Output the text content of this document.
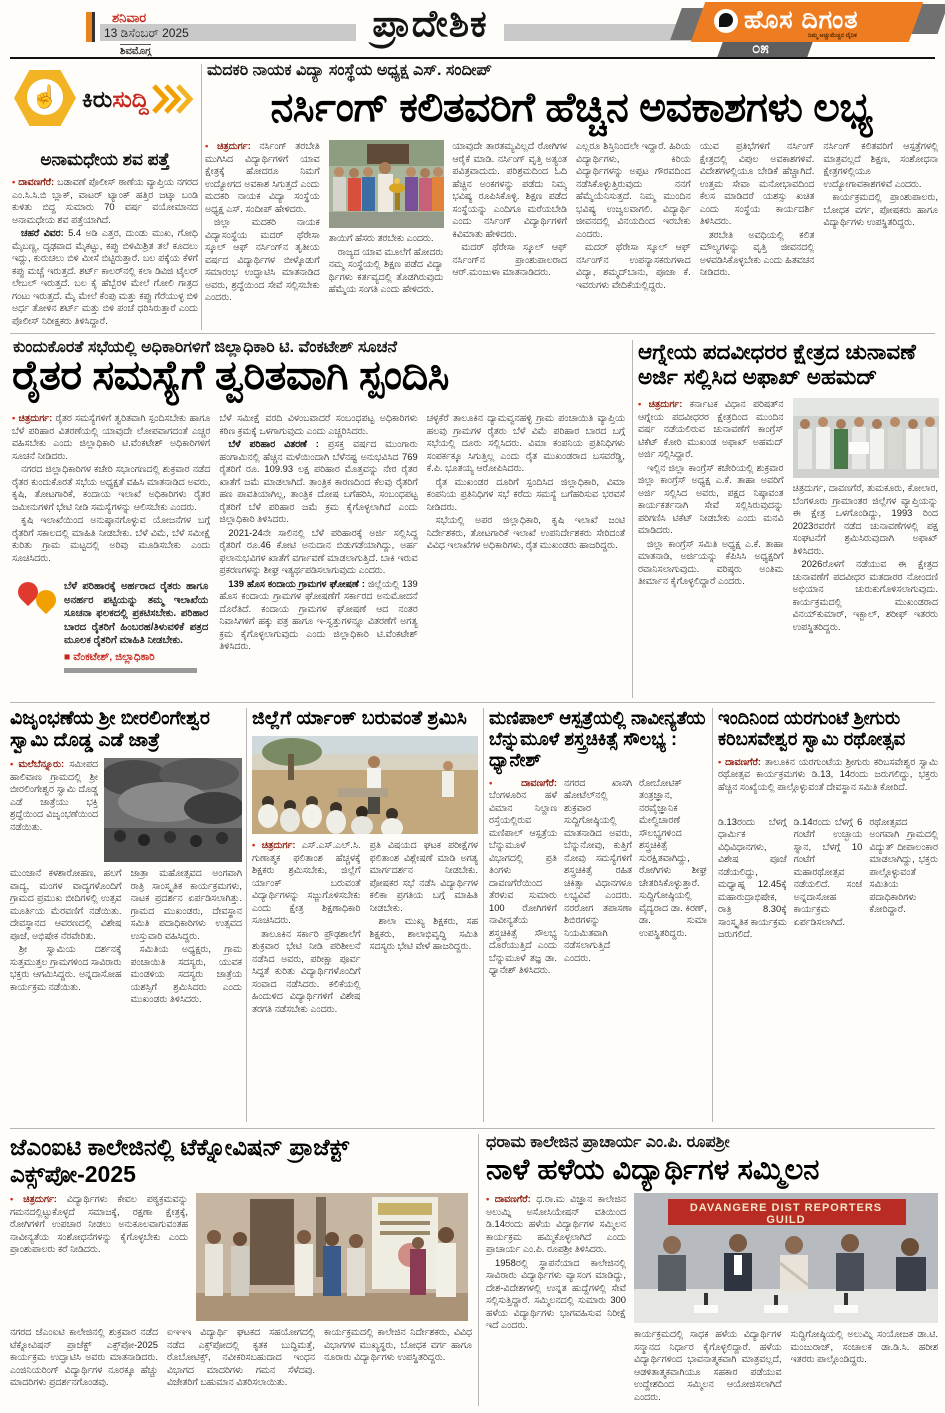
ಶನಿವಾರ
13 ಡಿಸೆಂಬರ್ 2025
ಶಿವಮೊಗ್ಗ
ಪ್ರಾದೇಶಿಕ	ಹೊಸ ದಿಗಂತ
ನಿಮ್ಮ ಅಚ್ಚುಮೆಚ್ಚಿನ ದೈನಿಕ
೦೫
☝ ಕಿರುಸುದ್ದಿ
ಅನಾಮಧೇಯ ಶವ ಪತ್ತೆ

• ದಾವಣಗೆರೆ: ಬಡಾವಣೆ ಪೊಲೀಸ್ ಠಾಣೆಯ ವ್ಯಾಪ್ತಿಯ ನಗರದ ಎಂ.ಸಿ.ಸಿ.ಬಿ ಬ್ಲಾಕ್, ವಾಟರ್ ಟ್ಯಾಂಕ್ ಹತ್ತಿರ ಜಟ್ಕಾ ಬಂಡಿ ಕುಳಿತು ಬಿದ್ದ ಸುಮಾರು 70 ವರ್ಷ ವಯೋಮಾನದ ಅನಾಮಧೇಯ ಶವ ಪತ್ತೆಯಾಗಿದೆ.

ಚಹರೆ ವಿವರ: 5.4 ಅಡಿ ಎತ್ತರ, ದುಂಡು ಮುಖ, ಗೋಧಿ ಮೈಬಣ್ಣ, ದೃಢವಾದ ಮೈಕಟ್ಟು, ಕಪ್ಪು ಬಿಳಿಮಿಶ್ರಿತ ತಲೆ ಕೂದಲು ಇದ್ದು, ಕುರುಚಲು ಬಿಳಿ ಮೀಸೆ ಬಿಟ್ಟಿರುತ್ತಾರೆ. ಬಲ ಪಕ್ಕೆಯ ಕೆಳಗೆ ಕಪ್ಪು ಮಚ್ಚೆ ಇರುತ್ತದೆ. ಶರ್ಟ್ ಕಾಲರ್‌ನಲ್ಲಿ ಕಲಾ ಡಿವಿಜಿ ಟೈಲರ್ ಲೇಬಲ್ ಇರುತ್ತದೆ. ಬಲ ಕೈ ಹೆಬ್ಬೆರಳ ಮೇಲೆ ಗೋಲಿ ಗಾತ್ರದ ಗಂಟು ಇರುತ್ತದೆ. ಮೈ ಮೇಲೆ ಕೆಂಪು ಮತ್ತು ಕಪ್ಪು ಗೆರೆಯುಳ್ಳ ಬಿಳಿ ಅರ್ಧ ತೋಳಿನ ಶರ್ಟ್ ಮತ್ತು ಬಿಳಿ ಪಂಚೆ ಧರಿಸಿರುತ್ತಾರೆ ಎಂದು ಪೊಲೀಸ್ ನಿರೀಕ್ಷಕರು ತಿಳಿಸಿದ್ದಾರೆ.

ಮದಕರಿ ನಾಯಕ ವಿದ್ಯಾ ಸಂಸ್ಥೆಯ ಅಧ್ಯಕ್ಷ ಎಸ್. ಸಂದೀಪ್
ನರ್ಸಿಂಗ್ ಕಲಿತವರಿಗೆ ಹೆಚ್ಚಿನ ಅವಕಾಶಗಳು ಲಭ್ಯ

• ಚಿತ್ರದುರ್ಗ: ನರ್ಸಿಂಗ್ ತರಬೇತಿ ಮುಗಿಸಿದ ವಿದ್ಯಾರ್ಥಿಗಳಿಗೆ ಯಾವ ಕ್ಷೇತ್ರಕ್ಕೆ ಹೋದರೂ ನಿಮಗೆ ಉದ್ಯೋಗದ ಅವಕಾಶ ಸಿಗುತ್ತದೆ ಎಂದು ಮದಕರಿ ನಾಯಕ ವಿದ್ಯಾ ಸಂಸ್ಥೆಯ ಅಧ್ಯಕ್ಷ ಎಸ್. ಸಂದೀಪ್ ಹೇಳಿದರು.

ಜಿಲ್ಲಾ ಮದಕರಿ ನಾಯಕ ವಿದ್ಯಾಸಂಸ್ಥೆಯ ಮದರ್ ಥೆರೇಸಾ ಸ್ಕೂಲ್ ಆಫ್ ನರ್ಸಿಂಗ್‌ನ ತೃತೀಯ ವರ್ಷದ ವಿದ್ಯಾರ್ಥಿಗಳ ಬೀಳ್ಕೊಡುಗೆ ಸಮಾರಂಭ ಉದ್ಘಾಟಿಸಿ ಮಾತನಾಡಿದ ಅವರು, ಶ್ರದ್ಧೆಯಿಂದ ಸೇವೆ ಸಲ್ಲಿಸಬೇಕು ಎಂದರು.

ತಾಯಿಗೆ ಹೆಸರು ತರಬೇಕು ಎಂದರು.

ರಾಜ್ಯದ ಯಾವ ಮೂಲೆಗೆ ಹೋದರು ನಮ್ಮ ಸಂಸ್ಥೆಯಲ್ಲಿ ಶಿಕ್ಷಣ ಪಡೆದ ವಿದ್ಯಾ ರ್ಥಿಗಳು ಕರ್ತವ್ಯದಲ್ಲಿ ತೊಡಗಿರುವುದು ಹೆಮ್ಮೆಯ ಸಂಗತಿ ಎಂದು ಹೇಳಿದರು.

ಯಾವುದೇ ತಾರತಮ್ಯವಿಲ್ಲದೆ ರೋಗಿಗಳ ಆರೈಕೆ ಮಾಡಿ. ನರ್ಸಿಂಗ್ ವೃತ್ತಿ ಅತ್ಯಂತ ಪವಿತ್ರವಾದುದು. ಪರಿಶ್ರಮದಿಂದ ಓದಿ ಹೆಚ್ಚಿನ ಅಂಕಗಳನ್ನು ಪಡೆದು ನಿಮ್ಮ ಭವಿಷ್ಯ ರೂಪಿಸಿಕೊಳ್ಳಿ. ಶಿಕ್ಷಣ ಪಡೆದ ಸಂಸ್ಥೆಯನ್ನು ಎಂದಿಗೂ ಮರೆಯಬೇಡಿ ಎಂದು ನರ್ಸಿಂಗ್ ವಿದ್ಯಾರ್ಥಿಗಳಿಗೆ ಕಿವಿಮಾತು ಹೇಳಿದರು.

ಮದರ್ ಥೆರೇಸಾ ಸ್ಕೂಲ್ ಆಫ್ ನರ್ಸಿಂಗ್‌ನ ಪ್ರಾಂಶುಪಾಲರಾದ ಆರ್.ಮಂಜುಳಾ ಮಾತನಾಡಿದರು.

ಎಲ್ಲರೂ ಶಿಸ್ತಿನಿಂದಲೇ ಇದ್ದಾರೆ. ಹಿರಿಯ ವಿದ್ಯಾರ್ಥಿಗಳು, ಕಿರಿಯ ವಿದ್ಯಾರ್ಥಿಗಳನ್ನು ಅಪ್ಪಟ ಗೌರವದಿಂದ ನಡೆಸಿಕೊಳ್ಳುತ್ತಿರುವುದು ನನಗೆ ಹೆಮ್ಮೆಯೆನಿಸುತ್ತದೆ. ನಿಮ್ಮ ಮುಂದಿನ ಭವಿಷ್ಯ ಉಜ್ವಲವಾಗಲಿ. ವಿದ್ಯಾರ್ಥಿ ಜೀವನದಲ್ಲಿ ವಿನಯದಿಂದ ಇರಬೇಕು ಎಂದರು.

ಮದರ್ ಥೆರೇಸಾ ಸ್ಕೂಲ್ ಆಫ್ ನರ್ಸಿಂಗ್‌ನ ಉಪನ್ಯಾಸಕರುಗಳಾದ ವಿದ್ಯಾ, ಶಮ್ಮದ್‌ಬಾನು, ಪೂಜಾ ಕೆ. ಇವರುಗಳು ವೇದಿಕೆಯಲ್ಲಿದ್ದರು.

ಯುವ ಪ್ರತಿಭೆಗಳಿಗೆ ನರ್ಸಿಂಗ್ ಕ್ಷೇತ್ರದಲ್ಲಿ ವಿಪುಲ ಅವಕಾಶಗಳಿವೆ. ವಿದೇಶಗಳಲ್ಲಿಯೂ ಬೇಡಿಕೆ ಹೆಚ್ಚಾಗಿದೆ. ಉತ್ತಮ ಸೇವಾ ಮನೋಭಾವದಿಂದ ಕೆಲಸ ಮಾಡಿದರೆ ಯಶಸ್ಸು ಖಚಿತ ಎಂದು ಸಂಸ್ಥೆಯ ಕಾರ್ಯದರ್ಶಿ ತಿಳಿಸಿದರು.

ತರಬೇತಿ ಅವಧಿಯಲ್ಲಿ ಕಲಿತ ಮೌಲ್ಯಗಳನ್ನು ವೃತ್ತಿ ಜೀವನದಲ್ಲಿ ಅಳವಡಿಸಿಕೊಳ್ಳಬೇಕು ಎಂದು ಹಿತವಚನ ನೀಡಿದರು.

ನರ್ಸಿಂಗ್ ಕಲಿತವರಿಗೆ ಆಸ್ಪತ್ರೆಗಳಲ್ಲಿ ಮಾತ್ರವಲ್ಲದೆ ಶಿಕ್ಷಣ, ಸಂಶೋಧನಾ ಕ್ಷೇತ್ರಗಳಲ್ಲಿಯೂ ಉದ್ಯೋಗಾವಕಾಶಗಳಿವೆ ಎಂದರು.

ಕಾರ್ಯಕ್ರಮದಲ್ಲಿ ಪ್ರಾಂಶುಪಾಲರು, ಬೋಧಕ ವರ್ಗ, ಪೋಷಕರು ಹಾಗೂ ವಿದ್ಯಾರ್ಥಿಗಳು ಉಪಸ್ಥಿತರಿದ್ದರು.

ಕುಂದುಕೊರತೆ ಸಭೆಯಲ್ಲಿ ಅಧಿಕಾರಿಗಳಿಗೆ ಜಿಲ್ಲಾಧಿಕಾರಿ ಟಿ. ವೆಂಕಟೇಶ್ ಸೂಚನೆ
ರೈತರ ಸಮಸ್ಯೆಗೆ ತ್ವರಿತವಾಗಿ ಸ್ಪಂದಿಸಿ

• ಚಿತ್ರದುರ್ಗ: ರೈತರ ಸಮಸ್ಯೆಗಳಿಗೆ ತ್ವರಿತವಾಗಿ ಸ್ಪಂದಿಸಬೇಕು ಹಾಗೂ ಬೆಳೆ ಪರಿಹಾರ ವಿತರಣೆಯಲ್ಲಿ ಯಾವುದೇ ಲೋಪವಾಗದಂತೆ ಎಚ್ಚರ ವಹಿಸಬೇಕು ಎಂದು ಜಿಲ್ಲಾಧಿಕಾರಿ ಟಿ.ವೆಂಕಟೇಶ್ ಅಧಿಕಾರಿಗಳಿಗೆ ಸೂಚನೆ ನೀಡಿದರು.

ನಗರದ ಜಿಲ್ಲಾಧಿಕಾರಿಗಳ ಕಚೇರಿ ಸಭಾಂಗಣದಲ್ಲಿ ಶುಕ್ರವಾರ ನಡೆದ ರೈತರ ಕುಂದುಕೊರತೆ ಸಭೆಯ ಅಧ್ಯಕ್ಷತೆ ವಹಿಸಿ ಮಾತನಾಡಿದ ಅವರು, ಕೃಷಿ, ತೋಟಗಾರಿಕೆ, ಕಂದಾಯ ಇಲಾಖೆ ಅಧಿಕಾರಿಗಳು ರೈತರ ಜಮೀನುಗಳಿಗೆ ಭೇಟಿ ನೀಡಿ ಸಮಸ್ಯೆಗಳನ್ನು ಆಲಿಸಬೇಕು ಎಂದರು.

ಕೃಷಿ ಇಲಾಖೆಯಿಂದ ಅನುಷ್ಠಾನಗೊಳ್ಳುವ ಯೋಜನೆಗಳ ಬಗ್ಗೆ ರೈತರಿಗೆ ಸಕಾಲದಲ್ಲಿ ಮಾಹಿತಿ ನೀಡಬೇಕು. ಬೆಳೆ ವಿಮೆ, ಬೆಳೆ ಸಮೀಕ್ಷೆ ಕುರಿತು ಗ್ರಾಮ ಮಟ್ಟದಲ್ಲಿ ಅರಿವು ಮೂಡಿಸಬೇಕು ಎಂದು ಸೂಚಿಸಿದರು.

ಬೆಳೆ ಪರಿಹಾರಕ್ಕೆ ಅರ್ಹರಾದ ರೈತರು ಹಾಗೂ ಅನರ್ಹರ ಪಟ್ಟಿಯನ್ನು ತಮ್ಮ ಇಲಾಖೆಯ ಸೂಚನಾ ಫಲಕದಲ್ಲಿ ಪ್ರಕಟಿಸಬೇಕು. ಪರಿಹಾರ ಬಾರದ ರೈತರಿಗೆ ಹಿಂಬರಹ/ತಿಳುವಳಿಕೆ ಪತ್ರದ ಮೂಲಕ ರೈತರಿಗೆ ಮಾಹಿತಿ ನೀಡಬೇಕು.
■ ವೆಂಕಟೇಶ್, ಜಿಲ್ಲಾಧಿಕಾರಿ

ಬೆಳೆ ಸಮೀಕ್ಷೆ ವರದಿ ವಿಳಂಬವಾದರೆ ಸಂಬಂಧಪಟ್ಟ ಅಧಿಕಾರಿಗಳು ಕಠಿಣ ಕ್ರಮಕ್ಕೆ ಒಳಗಾಗುವುದು ಎಂದು ಎಚ್ಚರಿಸಿದರು.

ಬೆಳೆ ಪರಿಹಾರ ವಿತರಣೆ : ಪ್ರಸಕ್ತ ವರ್ಷದ ಮುಂಗಾರು ಹಂಗಾಮಿನಲ್ಲಿ ಹೆಚ್ಚಿನ ಮಳೆಯಿಂದಾಗಿ ಬೆಳೆನಷ್ಟ ಅನುಭವಿಸಿದ 769 ರೈತರಿಗೆ ರೂ. 109.93 ಲಕ್ಷ ಪರಿಹಾರ ಮೊತ್ತವನ್ನು ನೇರ ರೈತರ ಖಾತೆಗೆ ಜಮೆ ಮಾಡಲಾಗಿದೆ. ತಾಂತ್ರಿಕ ಕಾರಣದಿಂದ ಕೆಲವು ರೈತರಿಗೆ ಹಣ ಪಾವತಿಯಾಗಿಲ್ಲ, ತಾಂತ್ರಿಕ ದೋಷ ಬಗೆಹರಿಸಿ, ಸಂಬಂಧಪಟ್ಟ ರೈತರಿಗೆ ಬೆಳೆ ಪರಿಹಾರ ಜಮೆ ಕ್ರಮ ಕೈಗೊಳ್ಳಲಾಗಿದೆ ಎಂದು ಜಿಲ್ಲಾಧಿಕಾರಿ ತಿಳಿಸಿದರು.

2021-24ನೇ ಸಾಲಿನಲ್ಲಿ ಬೆಳೆ ಪರಿಹಾರಕ್ಕೆ ಅರ್ಜಿ ಸಲ್ಲಿಸಿದ್ದ ರೈತರಿಗೆ ರೂ.46 ಕೋಟಿ ಅನುದಾನ ಬಿಡುಗಡೆಯಾಗಿದ್ದು, ಅರ್ಹ ಫಲಾನುಭವಿಗಳ ಖಾತೆಗೆ ವರ್ಗಾವಣೆ ಮಾಡಲಾಗುತ್ತಿದೆ. ಬಾಕಿ ಇರುವ ಪ್ರಕರಣಗಳನ್ನು ಶೀಘ್ರ ಇತ್ಯರ್ಥಪಡಿಸಲಾಗುವುದು ಎಂದರು.

139 ಹೊಸ ಕಂದಾಯ ಗ್ರಾಮಗಳ ಘೋಷಣೆ : ಜಿಲ್ಲೆಯಲ್ಲಿ 139 ಹೊಸ ಕಂದಾಯ ಗ್ರಾಮಗಳ ಘೋಷಣೆಗೆ ಸರ್ಕಾರದ ಅನುಮೋದನೆ ದೊರೆತಿದೆ. ಕಂದಾಯ ಗ್ರಾಮಗಳ ಘೋಷಣೆ ಆದ ನಂತರ ನಿವಾಸಿಗಳಿಗೆ ಹಕ್ಕು ಪತ್ರ ಹಾಗೂ ಇ-ಸ್ವತ್ತುಗಳನ್ನೂ ವಿತರಣೆಗೆ ಅಗತ್ಯ ಕ್ರಮ ಕೈಗೊಳ್ಳಲಾಗುವುದು ಎಂದು ಜಿಲ್ಲಾಧಿಕಾರಿ ಟಿ.ವೆಂಕಟೇಶ್ ತಿಳಿಸಿದರು.

ಚಳ್ಳಕೆರೆ ತಾಲೂಕಿನ ದ್ಯಾಮವ್ವನಹಳ್ಳಿ ಗ್ರಾಮ ಪಂಚಾಯಿತಿ ವ್ಯಾಪ್ತಿಯ ಹಲವು ಗ್ರಾಮಗಳ ರೈತರು ಬೆಳೆ ವಿಮೆ ಪರಿಹಾರ ಬಾರದ ಬಗ್ಗೆ ಸಭೆಯಲ್ಲಿ ದೂರು ಸಲ್ಲಿಸಿದರು. ವಿಮಾ ಕಂಪನಿಯ ಪ್ರತಿನಿಧಿಗಳು ಸಂಪರ್ಕಕ್ಕೂ ಸಿಗುತ್ತಿಲ್ಲ ಎಂದು ರೈತ ಮುಖಂಡರಾದ ಬಸವರೆಡ್ಡಿ, ಕೆ.ಪಿ. ಭೂತಯ್ಯ ಆರೋಪಿಸಿದರು.

ರೈತ ಮುಖಂಡರ ದೂರಿಗೆ ಸ್ಪಂದಿಸಿದ ಜಿಲ್ಲಾಧಿಕಾರಿ, ವಿಮಾ ಕಂಪನಿಯ ಪ್ರತಿನಿಧಿಗಳ ಸಭೆ ಕರೆದು ಸಮಸ್ಯೆ ಬಗೆಹರಿಸುವ ಭರವಸೆ ನೀಡಿದರು.

ಸಭೆಯಲ್ಲಿ ಅಪರ ಜಿಲ್ಲಾಧಿಕಾರಿ, ಕೃಷಿ ಇಲಾಖೆ ಜಂಟಿ ನಿರ್ದೇಶಕರು, ತೋಟಗಾರಿಕೆ ಇಲಾಖೆ ಉಪನಿರ್ದೇಶಕರು ಸೇರಿದಂತೆ ವಿವಿಧ ಇಲಾಖೆಗಳ ಅಧಿಕಾರಿಗಳು, ರೈತ ಮುಖಂಡರು ಹಾಜರಿದ್ದರು.

ಆಗ್ನೇಯ ಪದವೀಧರರ ಕ್ಷೇತ್ರದ ಚುನಾವಣೆ
ಅರ್ಜಿ ಸಲ್ಲಿಸಿದ ಅಫಾಖ್ ಅಹಮದ್

• ಚಿತ್ರದುರ್ಗ: ಕರ್ನಾಟಕ ವಿಧಾನ ಪರಿಷತ್‌ನ ಆಗ್ನೇಯ ಪದವೀಧರರ ಕ್ಷೇತ್ರದಿಂದ ಮುಂದಿನ ವರ್ಷ ನಡೆಯಲಿರುವ ಚುನಾವಣೆಗೆ ಕಾಂಗ್ರೆಸ್ ಟಿಕೆಟ್ ಕೋರಿ ಮುಖಂಡ ಅಫಾಖ್ ಅಹಮದ್ ಅರ್ಜಿ ಸಲ್ಲಿಸಿದ್ದಾರೆ.

ಇಲ್ಲಿನ ಜಿಲ್ಲಾ ಕಾಂಗ್ರೆಸ್ ಕಚೇರಿಯಲ್ಲಿ ಶುಕ್ರವಾರ ಜಿಲ್ಲಾ ಕಾಂಗ್ರೆಸ್ ಅಧ್ಯಕ್ಷ ಎ.ಕೆ. ತಾಹಾ ಅವರಿಗೆ ಅರ್ಜಿ ಸಲ್ಲಿಸಿದ ಅವರು, ಪಕ್ಷದ ನಿಷ್ಠಾವಂತ ಕಾರ್ಯಕರ್ತನಾಗಿ ಸೇವೆ ಸಲ್ಲಿಸಿರುವುದನ್ನು ಪರಿಗಣಿಸಿ ಟಿಕೆಟ್ ನೀಡಬೇಕು ಎಂದು ಮನವಿ ಮಾಡಿದರು.

ಜಿಲ್ಲಾ ಕಾಂಗ್ರೆಸ್ ಸಮಿತಿ ಅಧ್ಯಕ್ಷ ಎ.ಕೆ. ತಾಹಾ ಮಾತನಾಡಿ, ಅರ್ಜಿಯನ್ನು ಕೆಪಿಸಿಸಿ ಅಧ್ಯಕ್ಷರಿಗೆ ರವಾನಿಸಲಾಗುವುದು. ವರಿಷ್ಠರು ಅಂತಿಮ ತೀರ್ಮಾನ ಕೈಗೊಳ್ಳಲಿದ್ದಾರೆ ಎಂದರು.

ಚಿತ್ರದುರ್ಗ, ದಾವಣಗೆರೆ, ತುಮಕೂರು, ಕೋಲಾರ, ಬೆಂಗಳೂರು ಗ್ರಾಮಾಂತರ ಜಿಲ್ಲೆಗಳ ವ್ಯಾಪ್ತಿಯನ್ನು ಈ ಕ್ಷೇತ್ರ ಒಳಗೊಂಡಿದ್ದು, 1993 ರಿಂದ 2023ರವರೆಗೆ ನಡೆದ ಚುನಾವಣೆಗಳಲ್ಲಿ ಪಕ್ಷ ಸಂಘಟನೆಗೆ ಶ್ರಮಿಸಿರುವುದಾಗಿ ಅಫಾಖ್ ತಿಳಿಸಿದರು.

2026ರೊಳಗೆ ನಡೆಯುವ ಈ ಕ್ಷೇತ್ರದ ಚುನಾವಣೆಗೆ ಪದವೀಧರ ಮತದಾರರ ನೋಂದಣಿ ಅಭಿಯಾನ ಚುರುಕುಗೊಳಿಸಲಾಗುವುದು. ಕಾರ್ಯಕ್ರಮದಲ್ಲಿ ಮುಖಂಡರಾದ ವಿನಯ್‌ಕುಮಾರ್, ಇಕ್ಬಾಲ್, ಶರೀಫ್ ಇತರರು ಉಪಸ್ಥಿತರಿದ್ದರು.

ವಿಜೃಂಭಣೆಯ ಶ್ರೀ ಬೀರಲಿಂಗೇಶ್ವರ ಸ್ವಾಮಿ ದೊಡ್ಡ ಎಡೆ ಜಾತ್ರೆ

• ಮಲೆಬೆನ್ನೂರು: ಸಮೀಪದ ಹಾಲಿವಾಣ ಗ್ರಾಮದಲ್ಲಿ ಶ್ರೀ ಬೀರಲಿಂಗೇಶ್ವರ ಸ್ವಾಮಿ ದೊಡ್ಡ ಎಡೆ ಜಾತ್ರೆಯು ಭಕ್ತಿ ಶ್ರದ್ಧೆಯಿಂದ ವಿಜೃಂಭಣೆಯಿಂದ ನಡೆಯಿತು.

ಮುಂಜಾನೆ ಕಳಶಾರೋಹಣ, ಹಲಗೆ ವಾದ್ಯ, ಮಂಗಳ ವಾದ್ಯಗಳೊಂದಿಗೆ ಗ್ರಾಮದ ಪ್ರಮುಖ ಬೀದಿಗಳಲ್ಲಿ ಉತ್ಸವ ಮೂರ್ತಿಯ ಮೆರವಣಿಗೆ ನಡೆಯಿತು. ದೇವಸ್ಥಾನದ ಆವರಣದಲ್ಲಿ ವಿಶೇಷ ಪೂಜೆ, ಅಭಿಷೇಕ ನೆರವೇರಿತು.

ಶ್ರೀ ಸ್ವಾಮಿಯ ದರ್ಶನಕ್ಕೆ ಸುತ್ತಮುತ್ತಲ ಗ್ರಾಮಗಳಿಂದ ಸಾವಿರಾರು ಭಕ್ತರು ಆಗಮಿಸಿದ್ದರು. ಅನ್ನದಾಸೋಹ ಕಾರ್ಯಕ್ರಮ ನಡೆಯಿತು.

ಜಾತ್ರಾ ಮಹೋತ್ಸವದ ಅಂಗವಾಗಿ ರಾತ್ರಿ ಸಾಂಸ್ಕೃತಿಕ ಕಾರ್ಯಕ್ರಮಗಳು, ನಾಟಕ ಪ್ರದರ್ಶನ ಏರ್ಪಡಿಸಲಾಗಿತ್ತು. ಗ್ರಾಮದ ಮುಖಂಡರು, ದೇವಸ್ಥಾನ ಸಮಿತಿ ಪದಾಧಿಕಾರಿಗಳು ಉತ್ಸವದ ಉಸ್ತುವಾರಿ ವಹಿಸಿದ್ದರು.

ಸಮಿತಿಯ ಅಧ್ಯಕ್ಷರು, ಗ್ರಾಮ ಪಂಚಾಯಿತಿ ಸದಸ್ಯರು, ಯುವಕ ಮಂಡಳಿಯ ಸದಸ್ಯರು ಜಾತ್ರೆಯ ಯಶಸ್ಸಿಗೆ ಶ್ರಮಿಸಿದರು ಎಂದು ಮುಖಂಡರು ತಿಳಿಸಿದರು.

ಜಿಲ್ಲೆಗೆ ರ್ಯಾಂಕ್ ಬರುವಂತೆ ಶ್ರಮಿಸಿ

• ಚಿತ್ರದುರ್ಗ: ಎಸ್.ಎಸ್.ಎಲ್.ಸಿ. ಗುಣಾತ್ಮಕ ಫಲಿತಾಂಶ ಹೆಚ್ಚಳಕ್ಕೆ ಶಿಕ್ಷಕರು ಶ್ರಮಿಸಬೇಕು, ಜಿಲ್ಲೆಗೆ ರ್ಯಾಂಕ್ ಬರುವಂತೆ ವಿದ್ಯಾರ್ಥಿಗಳನ್ನು ಸಜ್ಜುಗೊಳಿಸಬೇಕು ಎಂದು ಕ್ಷೇತ್ರ ಶಿಕ್ಷಣಾಧಿಕಾರಿ ಸೂಚಿಸಿದರು.

ತಾಲೂಕಿನ ಸರ್ಕಾರಿ ಪ್ರೌಢಶಾಲೆಗೆ ಶುಕ್ರವಾರ ಭೇಟಿ ನೀಡಿ ಪರಿಶೀಲನೆ ನಡೆಸಿದ ಅವರು, ಪರೀಕ್ಷಾ ಪೂರ್ವ ಸಿದ್ಧತೆ ಕುರಿತು ವಿದ್ಯಾರ್ಥಿಗಳೊಂದಿಗೆ ಸಂವಾದ ನಡೆಸಿದರು. ಕಲಿಕೆಯಲ್ಲಿ ಹಿಂದುಳಿದ ವಿದ್ಯಾರ್ಥಿಗಳಿಗೆ ವಿಶೇಷ ತರಗತಿ ನಡೆಸಬೇಕು ಎಂದರು.

ಪ್ರತಿ ವಿಷಯದ ಘಟಕ ಪರೀಕ್ಷೆಗಳ ಫಲಿತಾಂಶ ವಿಶ್ಲೇಷಣೆ ಮಾಡಿ ಅಗತ್ಯ ಮಾರ್ಗದರ್ಶನ ನೀಡಬೇಕು. ಪೋಷಕರ ಸಭೆ ನಡೆಸಿ ವಿದ್ಯಾರ್ಥಿಗಳ ಕಲಿಕಾ ಪ್ರಗತಿಯ ಬಗ್ಗೆ ಮಾಹಿತಿ ನೀಡಬೇಕು.

ಶಾಲಾ ಮುಖ್ಯ ಶಿಕ್ಷಕರು, ಸಹ ಶಿಕ್ಷಕರು, ಶಾಲಾಭಿವೃದ್ಧಿ ಸಮಿತಿ ಸದಸ್ಯರು ಭೇಟಿ ವೇಳೆ ಹಾಜರಿದ್ದರು.

ಮಣಿಪಾಲ್ ಆಸ್ಪತ್ರೆಯಲ್ಲಿ ನಾವೀನ್ಯತೆಯ
ಬೆನ್ನುಮೂಳೆ ಶಸ್ತ್ರಚಿಕಿತ್ಸೆ ಸೌಲಭ್ಯ : ಧ್ಯಾನೇಶ್

• ದಾವಣಗೆರೆ: ಬೆಂಗಳೂರಿನ ಹಳೆ ವಿಮಾನ ನಿಲ್ದಾಣ ರಸ್ತೆಯಲ್ಲಿರುವ ಮಣಿಪಾಲ್ ಆಸ್ಪತ್ರೆಯ ಬೆನ್ನುಮೂಳೆ ವಿಭಾಗದಲ್ಲಿ ಪ್ರತಿ ತಿಂಗಳು ದಾವಣಗೆರೆಯಿಂದ ತೆರಳುವ ಸುಮಾರು 100 ರೋಗಿಗಳಿಗೆ ನಾವೀನ್ಯತೆಯ ಶಸ್ತ್ರಚಿಕಿತ್ಸೆ ಸೌಲಭ್ಯ ದೊರೆಯುತ್ತಿದೆ ಎಂದು ಬೆನ್ನುಮೂಳೆ ತಜ್ಞ ಡಾ. ಧ್ಯಾನೇಶ್ ತಿಳಿಸಿದರು.

ನಗರದ ಖಾಸಗಿ ಹೋಟೆಲ್‌ನಲ್ಲಿ ಶುಕ್ರವಾರ ಸುದ್ದಿಗೋಷ್ಠಿಯಲ್ಲಿ ಮಾತನಾಡಿದ ಅವರು, ಬೆನ್ನುನೋವು, ಕುತ್ತಿಗೆ ನೋವು ಸಮಸ್ಯೆಗಳಿಗೆ ಶಸ್ತ್ರಚಿಕಿತ್ಸೆ ರಹಿತ ಚಿಕಿತ್ಸಾ ವಿಧಾನಗಳೂ ಲಭ್ಯವಿವೆ ಎಂದರು. ನರರೋಗ ತಪಾಸಣಾ ಶಿಬಿರಗಳನ್ನು ನಿಯಮಿತವಾಗಿ ನಡೆಸಲಾಗುತ್ತಿದೆ ಎಂದರು.

ರೋಬೋಟಿಕ್ ತಂತ್ರಜ್ಞಾನ, ನರವೈಜ್ಞಾನಿಕ ಮೇಲ್ವಿಚಾರಣೆ ಸೌಲಭ್ಯಗಳಿಂದ ಶಸ್ತ್ರಚಿಕಿತ್ಸೆ ಸುರಕ್ಷಿತವಾಗಿದ್ದು, ರೋಗಿಗಳು ಶೀಘ್ರ ಚೇತರಿಸಿಕೊಳ್ಳುತ್ತಾರೆ. ಸುದ್ದಿಗೋಷ್ಠಿಯಲ್ಲಿ ವೈದ್ಯರಾದ ಡಾ. ಕಿರಣ್, ಡಾ. ಸುಮಾ ಉಪಸ್ಥಿತರಿದ್ದರು.

ಇಂದಿನಿಂದ ಯರಗುಂಟೆ ಶ್ರೀಗುರು
ಕರಿಬಸವೇಶ್ವರ ಸ್ವಾಮಿ ರಥೋತ್ಸವ

• ದಾವಣಗೆರೆ: ತಾಲೂಕಿನ ಯರಗುಂಟೆಯ ಶ್ರೀಗುರು ಕರಿಬಸವೇಶ್ವರ ಸ್ವಾಮಿ ರಥೋತ್ಸವ ಕಾರ್ಯಕ್ರಮಗಳು ಡಿ.13, 14ರಂದು ಜರುಗಲಿದ್ದು, ಭಕ್ತರು ಹೆಚ್ಚಿನ ಸಂಖ್ಯೆಯಲ್ಲಿ ಪಾಲ್ಗೊಳ್ಳುವಂತೆ ದೇವಸ್ಥಾನ ಸಮಿತಿ ಕೋರಿದೆ.

ಡಿ.13ರಂದು ಬೆಳಗ್ಗೆ ಧಾರ್ಮಿಕ ವಿಧಿವಿಧಾನಗಳು, ವಿಶೇಷ ಪೂಜೆ ನಡೆಯಲಿದ್ದು, ಮಧ್ಯಾಹ್ನ 12.45ಕ್ಕೆ ಮಹಾರುದ್ರಾಭಿಷೇಕ, ರಾತ್ರಿ 8.30ಕ್ಕೆ ಸಾಂಸ್ಕೃತಿಕ ಕಾರ್ಯಕ್ರಮ ಜರುಗಲಿದೆ.

ಡಿ.14ರಂದು ಬೆಳಗ್ಗೆ 6 ಗಂಟೆಗೆ ಉಚ್ಛಾಯ ಸ್ನಾನ, ಬೆಳಗ್ಗೆ 10 ಗಂಟೆಗೆ ಮಹಾರಥೋತ್ಸವ ನಡೆಯಲಿದೆ. ಸಂಜೆ ಅನ್ನದಾಸೋಹ ಕಾರ್ಯಕ್ರಮ ಏರ್ಪಡಿಸಲಾಗಿದೆ.

ರಥೋತ್ಸವದ ಅಂಗವಾಗಿ ಗ್ರಾಮದಲ್ಲಿ ವಿದ್ಯುತ್ ದೀಪಾಲಂಕಾರ ಮಾಡಲಾಗಿದ್ದು, ಭಕ್ತರು ಪಾಲ್ಗೊಳ್ಳುವಂತೆ ಸಮಿತಿಯ ಪದಾಧಿಕಾರಿಗಳು ಕೋರಿದ್ದಾರೆ.

ಜೆಎಂಐಟಿ ಕಾಲೇಜಿನಲ್ಲಿ ಟೆಕ್ನೋವಿಷನ್ ಪ್ರಾಜೆಕ್ಟ್ ಎಕ್ಸ್‌ಪೋ-2025

• ಚಿತ್ರದುರ್ಗ: ವಿದ್ಯಾರ್ಥಿಗಳು ಕೇವಲ ಪಠ್ಯಕ್ರಮವನ್ನು ಗಮನದಲ್ಲಿಟ್ಟುಕೊಳ್ಳದೆ ಸಮಾಜಕ್ಕೆ, ರಕ್ಷಣಾ ಕ್ಷೇತ್ರಕ್ಕೆ, ರೋಗಿಗಳಿಗೆ ಉಪಚಾರ ನೀಡಲು ಅನುಕೂಲವಾಗುವಂತಹ ನಾವೀನ್ಯತೆಯ ಸಂಶೋಧನೆಗಳನ್ನು ಕೈಗೊಳ್ಳಬೇಕು ಎಂದು ಪ್ರಾಂಶುಪಾಲರು ಕರೆ ನೀಡಿದರು.

ನಗರದ ಜೆಎಂಐಟಿ ಕಾಲೇಜಿನಲ್ಲಿ ಶುಕ್ರವಾರ ನಡೆದ ಟೆಕ್ನೋವಿಷನ್ ಪ್ರಾಜೆಕ್ಟ್ ಎಕ್ಸ್‌ಪೋ-2025 ಕಾರ್ಯಕ್ರಮ ಉದ್ಘಾಟಿಸಿ ಅವರು ಮಾತನಾಡಿದರು. ಎಂಜಿನಿಯರಿಂಗ್ ವಿದ್ಯಾರ್ಥಿಗಳ ನೂರಕ್ಕೂ ಹೆಚ್ಚು ಮಾದರಿಗಳು ಪ್ರದರ್ಶನಗೊಂಡವು.

ಐಇಇಇ ವಿದ್ಯಾರ್ಥಿ ಘಟಕದ ಸಹಯೋಗದಲ್ಲಿ ನಡೆದ ಎಕ್ಸ್‌ಪೋದಲ್ಲಿ ಕೃತಕ ಬುದ್ಧಿಮತ್ತೆ, ರೊಬೋಟಿಕ್ಸ್, ನವೀಕರಿಸಬಹುದಾದ ಇಂಧನ ವಿಭಾಗದ ಮಾದರಿಗಳು ಗಮನ ಸೆಳೆದವು. ವಿಜೇತರಿಗೆ ಬಹುಮಾನ ವಿತರಿಸಲಾಯಿತು.

ಕಾರ್ಯಕ್ರಮದಲ್ಲಿ ಕಾಲೇಜಿನ ನಿರ್ದೇಶಕರು, ವಿವಿಧ ವಿಭಾಗಗಳ ಮುಖ್ಯಸ್ಥರು, ಬೋಧಕ ವರ್ಗ ಹಾಗೂ ನೂರಾರು ವಿದ್ಯಾರ್ಥಿಗಳು ಉಪಸ್ಥಿತರಿದ್ದರು.

ಧರಾಮ ಕಾಲೇಜಿನ ಪ್ರಾಚಾರ್ಯ ಎಂ.ಪಿ. ರೂಪಶ್ರೀ
ನಾಳೆ ಹಳೆಯ ವಿದ್ಯಾರ್ಥಿಗಳ ಸಮ್ಮಿಲನ

• ದಾವಣಗೆರೆ: ಧ.ರಾ.ಮ ವಿಜ್ಞಾನ ಕಾಲೇಜಿನ ಅಲುಮ್ನಿ ಅಸೋಸಿಯೇಷನ್ ವತಿಯಿಂದ ಡಿ.14ರಂದು ಹಳೆಯ ವಿದ್ಯಾರ್ಥಿಗಳ ಸಮ್ಮಿಲನ ಕಾರ್ಯಕ್ರಮ ಹಮ್ಮಿಕೊಳ್ಳಲಾಗಿದೆ ಎಂದು ಪ್ರಾಚಾರ್ಯ ಎಂ.ಪಿ. ರೂಪಶ್ರೀ ತಿಳಿಸಿದರು.

1958ರಲ್ಲಿ ಸ್ಥಾಪನೆಯಾದ ಕಾಲೇಜಿನಲ್ಲಿ ಸಾವಿರಾರು ವಿದ್ಯಾರ್ಥಿಗಳು ವ್ಯಾಸಂಗ ಮಾಡಿದ್ದು, ದೇಶ-ವಿದೇಶಗಳಲ್ಲಿ ಉನ್ನತ ಹುದ್ದೆಗಳಲ್ಲಿ ಸೇವೆ ಸಲ್ಲಿಸುತ್ತಿದ್ದಾರೆ. ಸಮ್ಮಿಲನದಲ್ಲಿ ಸುಮಾರು 300 ಹಳೆಯ ವಿದ್ಯಾರ್ಥಿಗಳು ಭಾಗವಹಿಸುವ ನಿರೀಕ್ಷೆ ಇದೆ ಎಂದರು.

DAVANGERE DIST REPORTERS GUILD

ಕಾರ್ಯಕ್ರಮದಲ್ಲಿ ಸಾಧಕ ಹಳೆಯ ವಿದ್ಯಾರ್ಥಿಗಳ ಸನ್ಮಾನದ ನಿರ್ಧಾರ ಕೈಗೊಳ್ಳಲಿದ್ದಾರೆ. ಹಳೆಯ ವಿದ್ಯಾರ್ಥಿಗಳಿಂದ ಭಾವನಾತ್ಮಕವಾಗಿ ಮಾತ್ರವಲ್ಲದೆ, ಆಡಳಿತಾತ್ಮಕವಾಗಿಯೂ ಸಹಕಾರ ಪಡೆಯುವ ಉದ್ದೇಶದಿಂದ ಸಮ್ಮಿಲನ ಆಯೋಜಿಸಲಾಗಿದೆ ಎಂದರು.

ಸುದ್ದಿಗೋಷ್ಠಿಯಲ್ಲಿ ಅಲುಮ್ನಿ ಸಂಯೋಜಕ ಡಾ.ಟಿ. ಮಂಜುರಾಜ್, ಸಂಚಾಲಕ ಡಾ.ಡಿ.ಸಿ. ಹರೀಶ ಇತರರು ಪಾಲ್ಗೊಂಡಿದ್ದರು.
